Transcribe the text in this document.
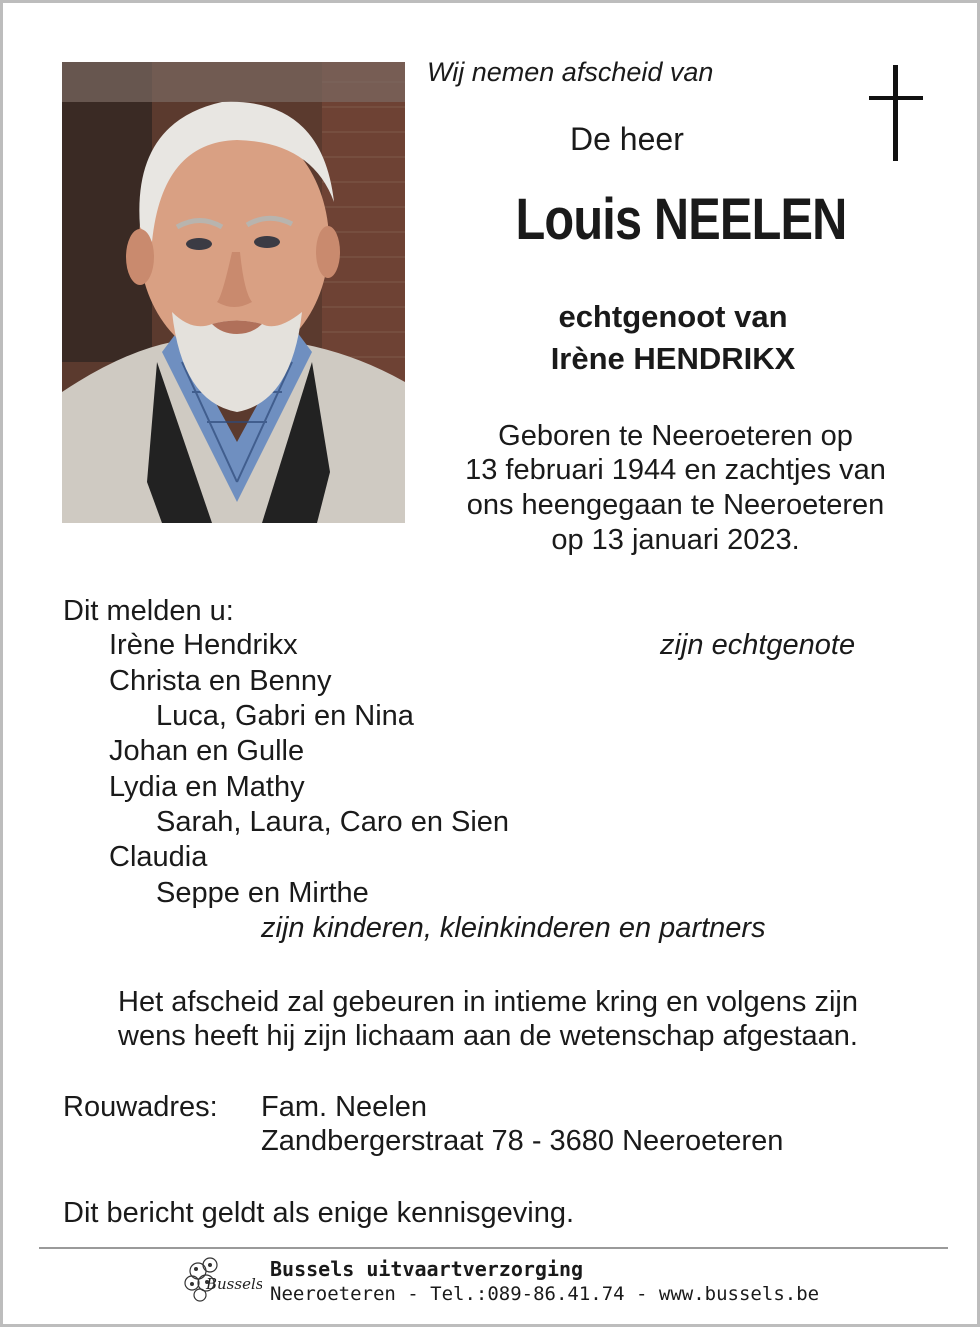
Wij nemen afscheid van
De heer
Louis NEELEN
echtgenoot van
Irène HENDRIKX
Geboren te Neeroeteren op
13 februari 1944 en zachtjes van
ons heengegaan te Neeroeteren
op 13 januari 2023.
Dit melden u:
Irène Hendrikx	zijn echtgenote
Christa en Benny
Luca, Gabri en Nina
Johan en Gulle
Lydia en Mathy
Sarah, Laura, Caro en Sien
Claudia
Seppe en Mirthe
zijn kinderen, kleinkinderen en partners
Het afscheid zal gebeuren in intieme kring en volgens zijn
wens heeft hij zijn lichaam aan de wetenschap afgestaan.
Rouwadres: Fam. Neelen
Zandbergerstraat 78 - 3680 Neeroeteren
Dit bericht geldt als enige kennisgeving.
Bussels
Bussels uitvaartverzorging
Neeroeteren - Tel.:089-86.41.74 - www.bussels.be
